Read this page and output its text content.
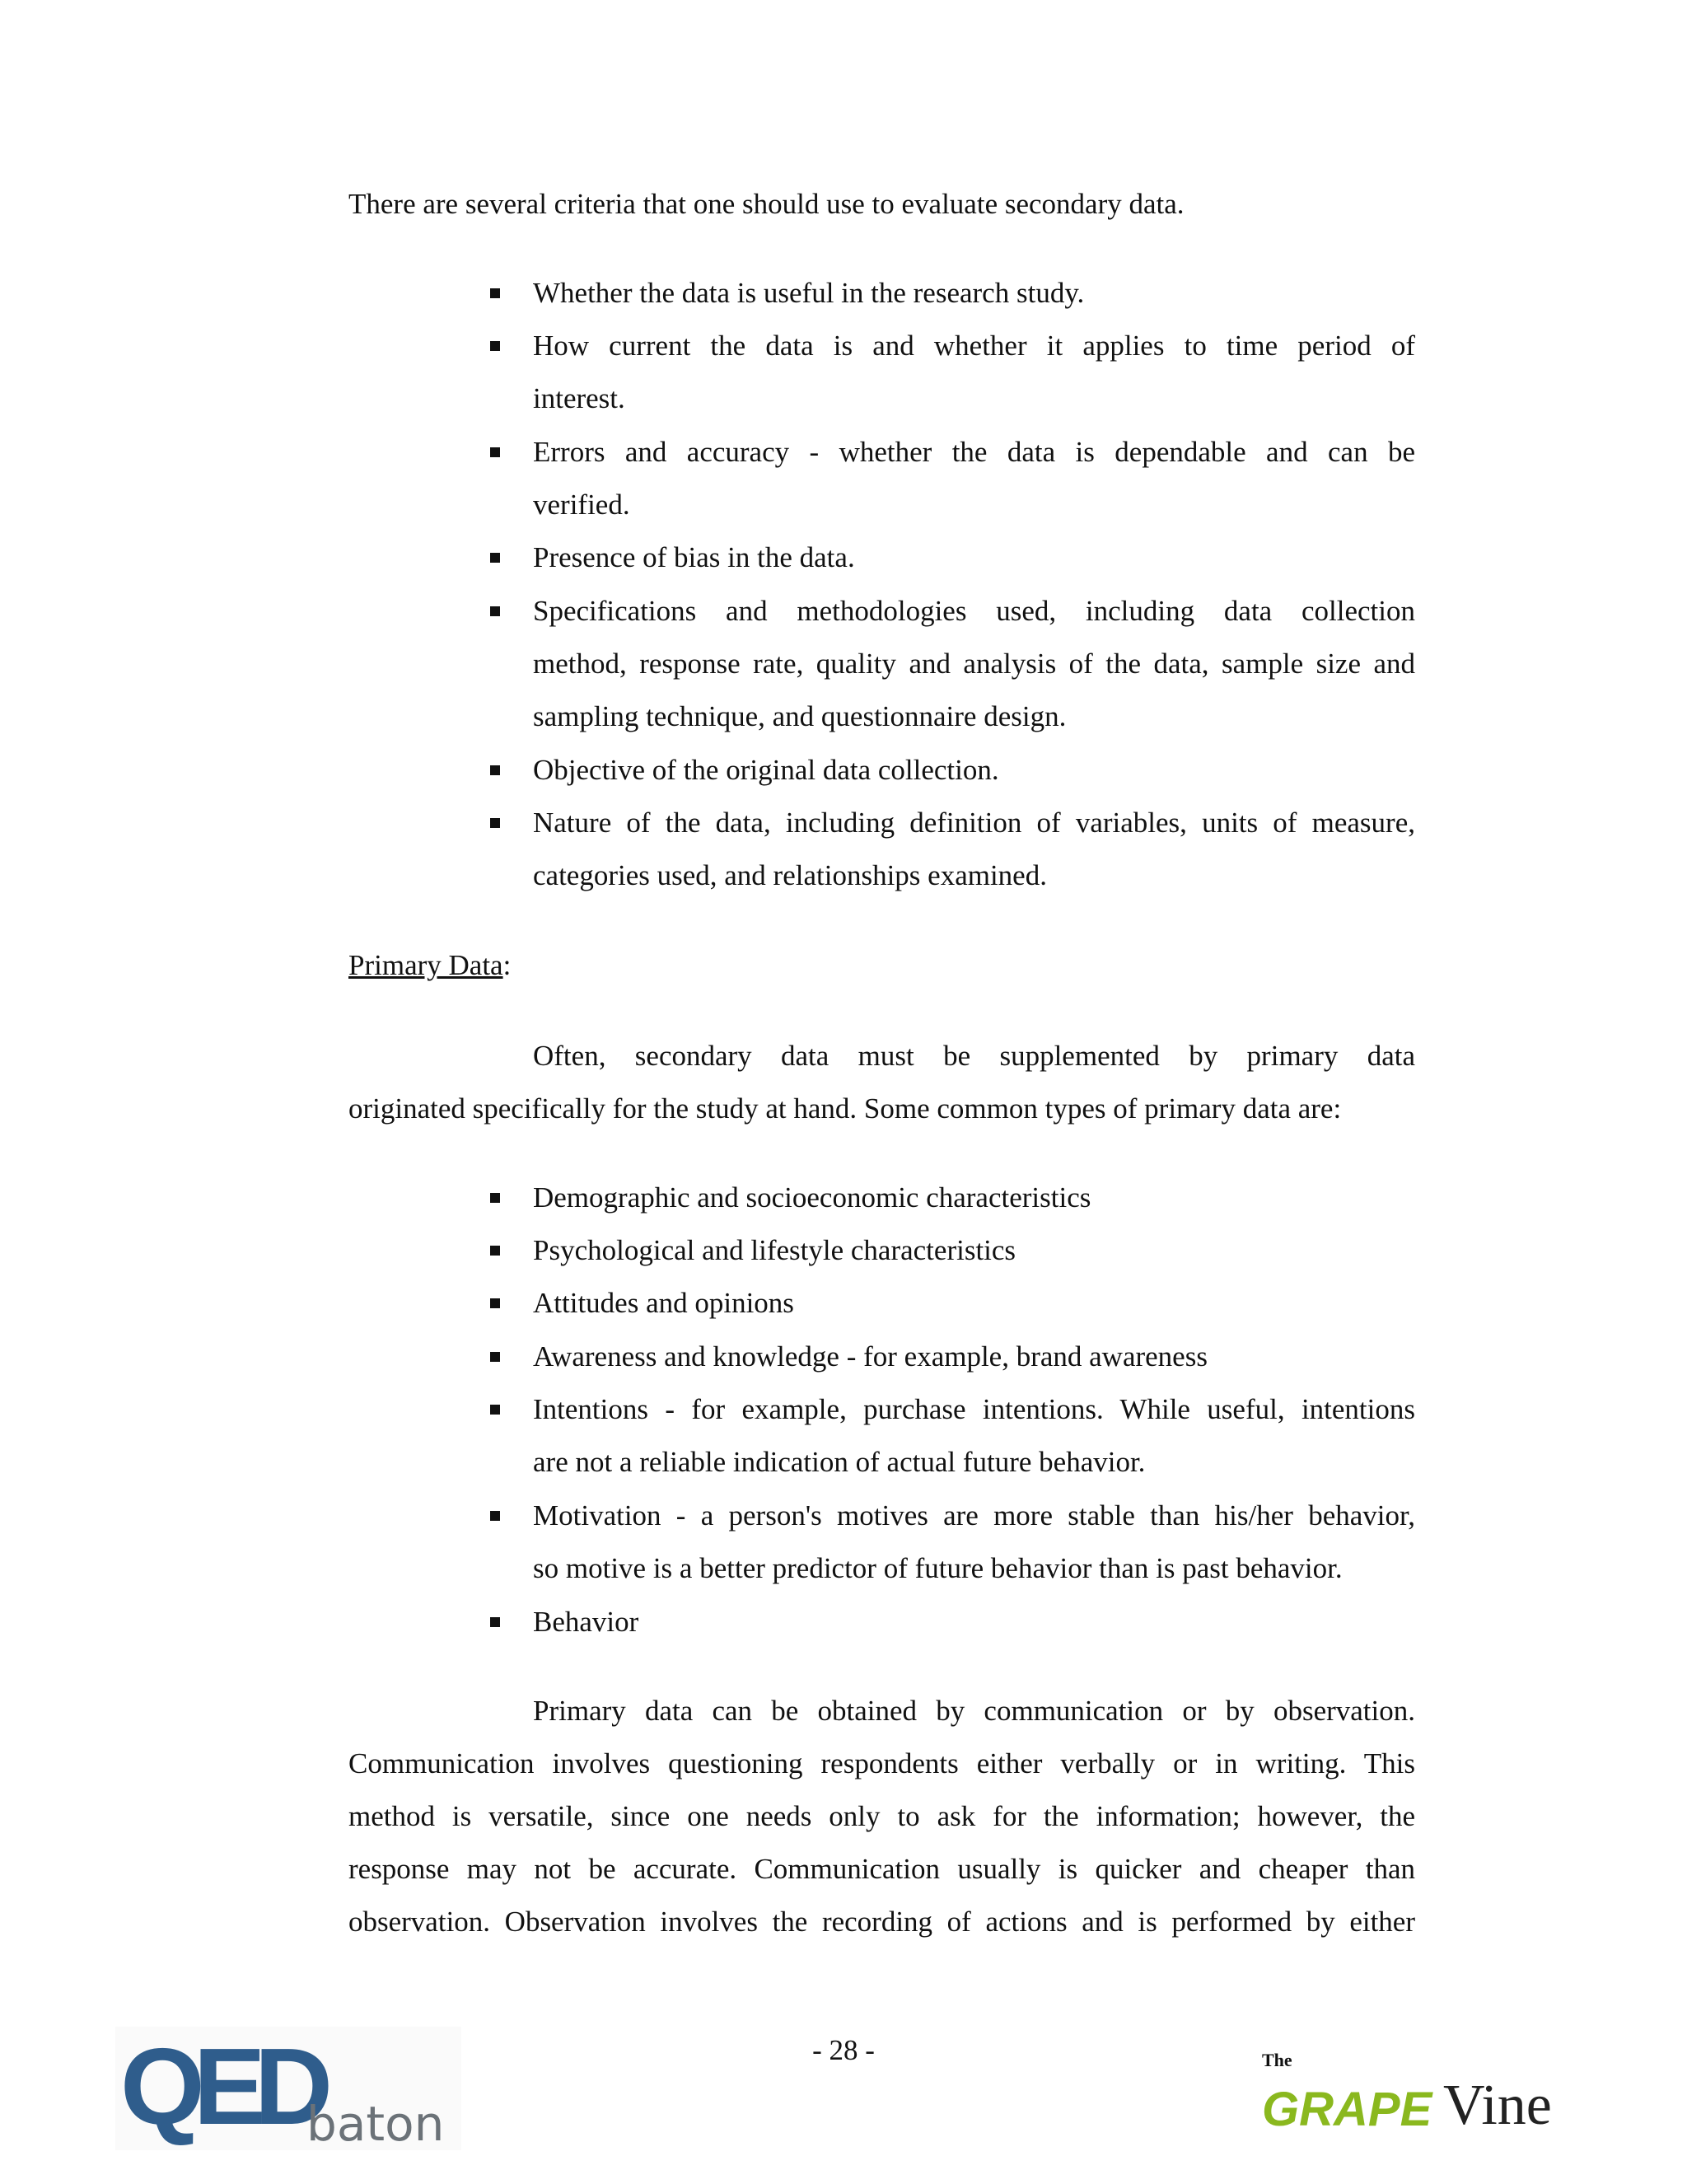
There are several criteria that one should use to evaluate secondary data.
Whether the data is useful in the research study.
How current the data is and whether it applies to time period of
interest.
Errors and accuracy - whether the data is dependable and can be
verified.
Presence of bias in the data.
Specifications and methodologies used, including data collection
method, response rate, quality and analysis of the data, sample size and
sampling technique, and questionnaire design.
Objective of the original data collection.
Nature of the data, including definition of variables, units of measure,
categories used, and relationships examined.
Primary Data:
Often, secondary data must be supplemented by primary data
originated specifically for the study at hand. Some common types of primary data are:
Demographic and socioeconomic characteristics
Psychological and lifestyle characteristics
Attitudes and opinions
Awareness and knowledge - for example, brand awareness
Intentions - for example, purchase intentions. While useful, intentions
are not a reliable indication of actual future behavior.
Motivation - a person's motives are more stable than his/her behavior,
so motive is a better predictor of future behavior than is past behavior.
Behavior
Primary data can be obtained by communication or by observation.
Communication involves questioning respondents either verbally or in writing. This
method is versatile, since one needs only to ask for the information; however, the
response may not be accurate. Communication usually is quicker and cheaper than
observation. Observation involves the recording of actions and is performed by either
- 28 -
QED
baton
The
GRAPE Vine
